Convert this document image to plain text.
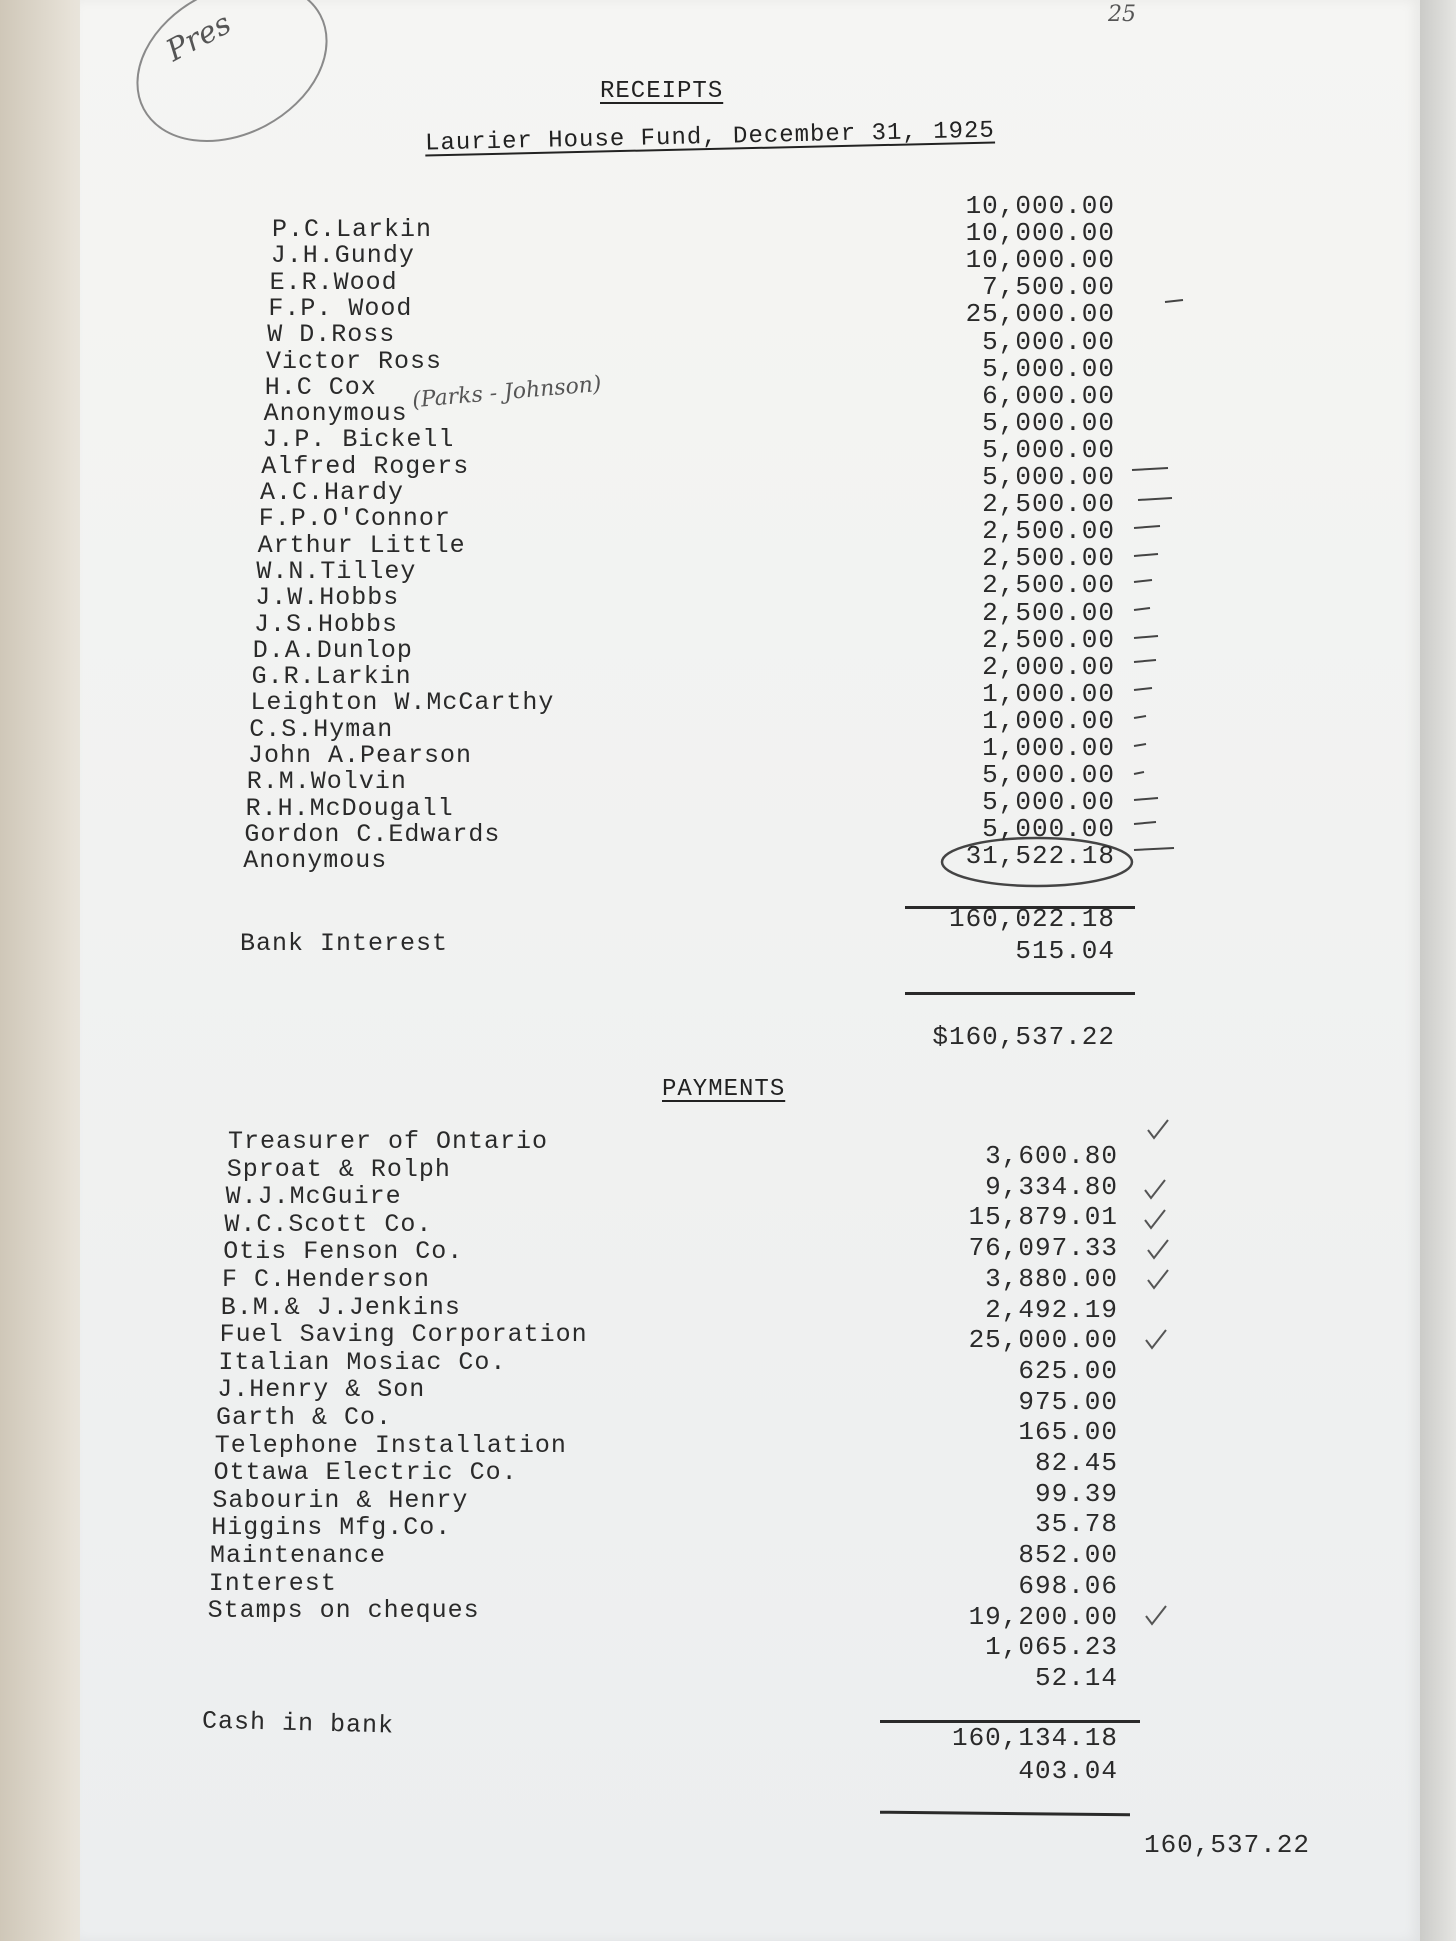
Pres	25
RECEIPTS
Laurier House Fund, December 31, 1925
P.C.Larkin
J.H.Gundy
E.R.Wood
F.P. Wood
W D.Ross
Victor Ross
H.C Cox
Anonymous
J.P. Bickell
Alfred Rogers
A.C.Hardy
F.P.O'Connor
Arthur Little
W.N.Tilley
J.W.Hobbs
J.S.Hobbs
D.A.Dunlop
G.R.Larkin
Leighton W.McCarthy
C.S.Hyman
John A.Pearson
R.M.Wolvin
R.H.McDougall
Gordon C.Edwards
Anonymous
(Parks - Johnson)
10,000.00
10,000.00
10,000.00
7,500.00
25,000.00
5,000.00
5,000.00
6,000.00
5,000.00
5,000.00
5,000.00
2,500.00
2,500.00
2,500.00
2,500.00
2,500.00
2,500.00
2,000.00
1,000.00
1,000.00
1,000.00
5,000.00
5,000.00
5,000.00
31,522.18
160,022.18
Bank Interest	515.04
$160,537.22
PAYMENTS
Treasurer of Ontario
Sproat & Rolph
W.J.McGuire
W.C.Scott Co.
Otis Fenson Co.
F C.Henderson
B.M.& J.Jenkins
Fuel Saving Corporation
Italian Mosiac Co.
J.Henry & Son
Garth & Co.
Telephone Installation
Ottawa Electric Co.
Sabourin & Henry
Higgins Mfg.Co.
Maintenance
Interest
Stamps on cheques
3,600.80
9,334.80
15,879.01
76,097.33
3,880.00
2,492.19
25,000.00
625.00
975.00
165.00
82.45
99.39
35.78
852.00
698.06
19,200.00
1,065.23
52.14
160,134.18
Cash in bank
403.04
160,537.22
